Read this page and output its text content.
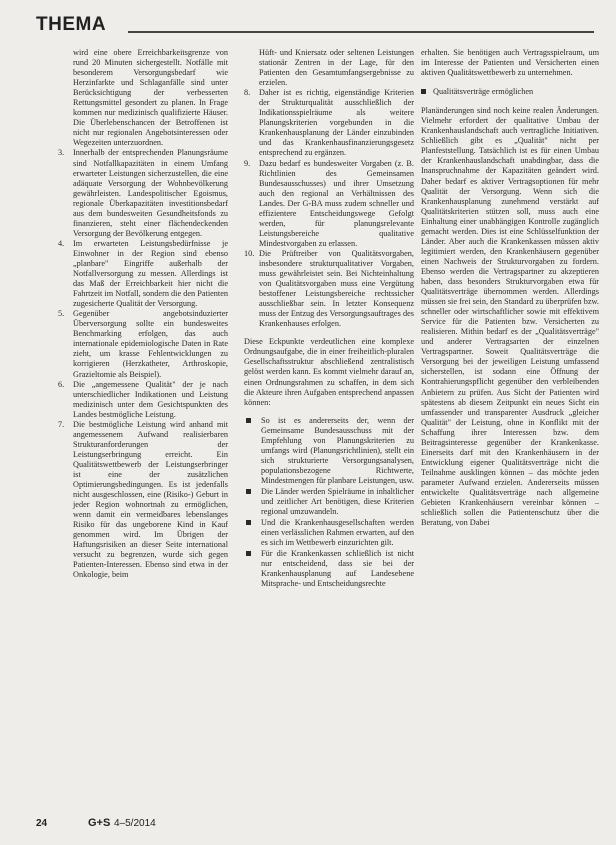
THEMA

wird eine obere Erreichbarkeitsgrenze von rund 20 Minuten sichergestellt. Notfälle mit besonderem Versorgungsbedarf wie Herzinfarkte und Schlaganfälle sind unter Berücksichtigung der verbesserten Rettungsmittel gesondert zu planen. In Frage kommen nur medizinisch qualifizierte Häuser. Die Überlebenschancen der Betroffenen ist nicht nur regionalen Angebotsinteressen oder Wegezeiten unterzuordnen.

3.	Innerhalb der entsprechenden Planungsräume sind Notfallkapazitäten in einem Umfang erwarteter Leistungen sicherzustellen, die eine adäquate Versorgung der Wohnbevölkerung gewährleisten. Landespolitischer Egoismus, regionale Überkapazitäten investitionsbedarf aus dem bundesweiten Gesundheitsfonds zu finanzieren, steht einer flächendeckenden Versorgung der Bevölkerung entgegen.
4.	Im erwarteten Leistungsbedürfnisse je Einwohner in der Region sind ebenso „planbare" Eingriffe außerhalb der Notfallversorgung zu messen. Allerdings ist das Maß der Erreichbarkeit hier nicht die Fahrtzeit im Notfall, sondern die den Patienten zugesicherte Qualität der Versorgung.
5.	Gegenüber angebotsinduzierter Überversorgung sollte ein bundesweites Benchmarking erfolgen, das auch internationale epidemiologische Daten in Rate zieht, um krasse Fehlentwicklungen zu korrigieren (Herzkatheter, Arthroskopie, Grazieltomie als Beispiel).
6.	Die „angemessene Qualität" der je nach unterschiedlicher Indikationen und Leistung medizinisch unter dem Gesichtspunkten des Landes bestmögliche Leistung.
7.	Die bestmögliche Leistung wird anhand mit angemessenem Aufwand realisierbaren Strukturanforderungen der Leistungserbringung erreicht. Ein Qualitätswettbewerb der Leistungserbringer ist eine der zusätzlichen Optimierungsbedingungen. Es ist jedenfalls nicht ausgeschlossen, eine (Risiko-) Geburt in jeder Region wohnortnah zu ermöglichen, wenn damit ein vermeidbares lebenslanges Risiko für das ungeborene Kind in Kauf genommen wird. Im Übrigen der Haftungsrisiken an dieser Seite international versucht zu begrenzen, wurde sich gegen Patienten-Interessen. Ebenso sind etwa in der Onkologie, beim

Hüft- und Kniersatz oder seltenen Leistungen stationär Zentren in der Lage, für den Patienten den Gesamtumfangsergebnisse zu erzielen.

8.	Daher ist es richtig, eigenständige Kriterien der Strukturqualität ausschließlich der Indikationsspielräume als weitere Planungskriterien vorgebunden in die Krankenhausplanung der Länder einzubinden und das Krankenhausfinanzierungsgesetz entsprechend zu ergänzen.
9.	Dazu bedarf es bundesweiter Vorgaben (z. B. Richtlinien des Gemeinsamen Bundesausschusses) und ihrer Umsetzung auch den regional an Verhältnissen des Landes. Der G-BA muss zudem schneller und effizientere Entscheidungswege Gefolgt werden, für planungsrelevante Leistungsbereiche qualitative Mindestvorgaben zu erlassen.
10. Die Prüftreiber von Qualitätsvorgaben, insbesondere strukturqualitativer Vorgaben, muss gewährleistet sein. Bei Nichteinhaltung von Qualitätsvorgaben muss eine Vergütung bestoffener Leistungsbereiche rechtssicher ausschließbar sein. In letzter Konsequenz muss der Entzug des Versorgungsauftrages des Krankenhauses erfolgen.

Diese Eckpunkte verdeutlichen eine komplexe Ordnungsaufgabe, die in einer freiheitlich-pluralen Gesellschaftsstruktur abschließend zentralistisch gelöst werden kann. Es kommt vielmehr darauf an, einen Ordnungsrahmen zu schaffen, in dem sich die Akteure ihren Aufgaben entsprechend anpassen können:

So ist es andererseits der, wenn der Gemeinsame Bundesausschuss mit der Empfehlung von Planungskriterien zu umfangs wird (Planungsrichtlinien), stellt ein sich strukturierte Versorgungsanalysen, populationsbezogene Richtwerte, Mindestmengen für planbare Leistungen, usw.
Die Länder werden Spielräume in inhaltlicher und zeitlicher Art benötigen, diese Kriterien regional umzuwandeln.
Und die Krankenhausgesellschaften werden einen verlässlichen Rahmen erwarten, auf den es sich im Wettbewerb einzurichten gilt.
Für die Krankenkassen schließlich ist nicht nur entscheidend, dass sie bei der Krankenhausplanung auf Landesebene Mitsprache- und Entscheidungsrechte

erhalten. Sie benötigen auch Vertragsspielraum, um im Interesse der Patienten und Versicherten einen aktiven Qualitätswettbewerb zu unternehmen.

Qualitätsverträge ermöglichen

Planänderungen sind noch keine realen Änderungen. Vielmehr erfordert der qualitative Umbau der Krankenhauslandschaft auch vertragliche Initiativen. Schließlich gibt es „Qualität" nicht per Planfeststellung. Tatsächlich ist es für einen Umbau der Krankenhauslandschaft unabdingbar, dass die Inanspruchnahme der Kapazitäten geändert wird. Daher bedarf es aktiver Vertragsoptionen für mehr Qualität der Versorgung. Wenn sich die Krankenhausplanung zunehmend verstärkt auf Qualitätskriterien stützen soll, muss auch eine Einhaltung einer unabhängigen Kontrolle zugänglich gemacht werden. Dies ist eine Schlüsselfunktion der Länder. Aber auch die Krankenkassen müssen aktiv legitimiert werden, den Krankenhäusern gegenüber einen Nachweis der Strukturvorgaben zu fordern. Ebenso werden die Vertragspartner zu akzeptieren haben, dass besonders Strukturvorgaben etwa für Qualitätsverträge übernommen werden. Allerdings müssen sie frei sein, den Standard zu überprüfen bzw. schneller oder wirtschaftlicher sowie mit effektivem Service für die Patienten bzw. Versicherten zu realisieren. Mithin bedarf es der „Qualitätsverträge" und anderer Vertragsarten der einzelnen Vertragspartner. Soweit Qualitätsverträge die Versorgung bei der jeweiligen Leistung umfassend sicherstellen, ist sodann eine Öffnung der Kontrahierungspflicht gegenüber den verbleibenden Anbietern zu prüfen. Aus Sicht der Patienten wird spätestens ab diesem Zeitpunkt ein neues Sicht ein umfassender und transparenter Ausdruck „gleicher Qualität" der Leistung, ohne in Konflikt mit der Schaffung ihrer Interessen bzw. dem Beitragsinteresse gegenüber der Krankenkasse. Einerseits darf mit den Krankenhäusern in der Entwicklung eigener Qualitätsverträge nicht die Teilnahme ausklingen können – das möchte jeden parameter Aufwand erzielen. Andererseits müssen entwickelte Qualitätsverträge nach allgemeine Gebieten Krankenhäusern vereinbar können – schließlich sollen die Patientenschutz über die Beratung, von Dabei

24	G+S 4–5/2014
